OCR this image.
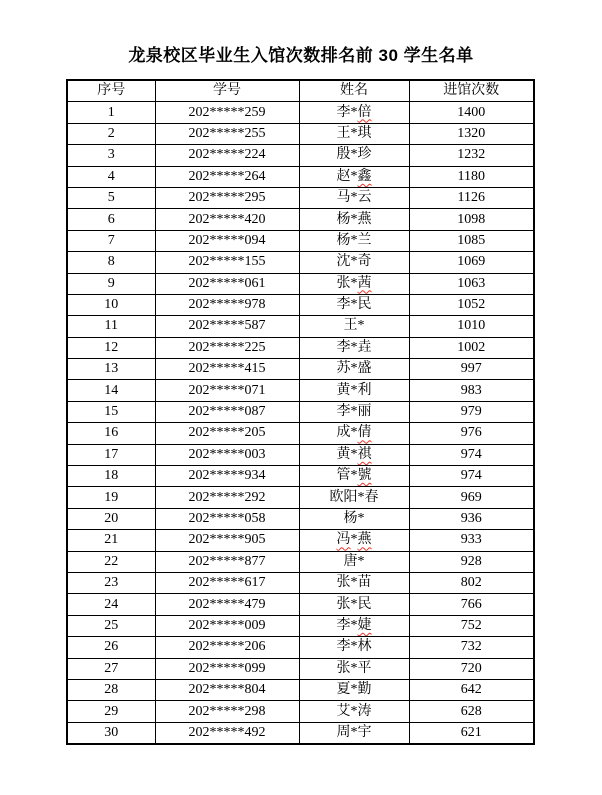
龙泉校区毕业生入馆次数排名前 30 学生名单
序号	学号	姓名	进馆次数
1	202*****259	李*倍	1400
2	202*****255	王*琪	1320
3	202*****224	殷*珍	1232
4	202*****264	赵*鑫	1180
5	202*****295	马*云	1126
6	202*****420	杨*燕	1098
7	202*****094	杨*兰	1085
8	202*****155	沈*奇	1069
9	202*****061	张*茜	1063
10	202*****978	李*民	1052
11	202*****587	王*	1010
12	202*****225	李*垚	1002
13	202*****415	苏*盛	997
14	202*****071	黄*利	983
15	202*****087	李*丽	979
16	202*****205	成*倩	976
17	202*****003	黄*祺	974
18	202*****934	管*號	974
19	202*****292	欧阳*春	969
20	202*****058	杨*	936
21	202*****905	冯*燕	933
22	202*****877	唐*	928
23	202*****617	张*苗	802
24	202*****479	张*民	766
25	202*****009	李*婕	752
26	202*****206	李*林	732
27	202*****099	张*平	720
28	202*****804	夏*勤	642
29	202*****298	艾*涛	628
30	202*****492	周*宇	621
